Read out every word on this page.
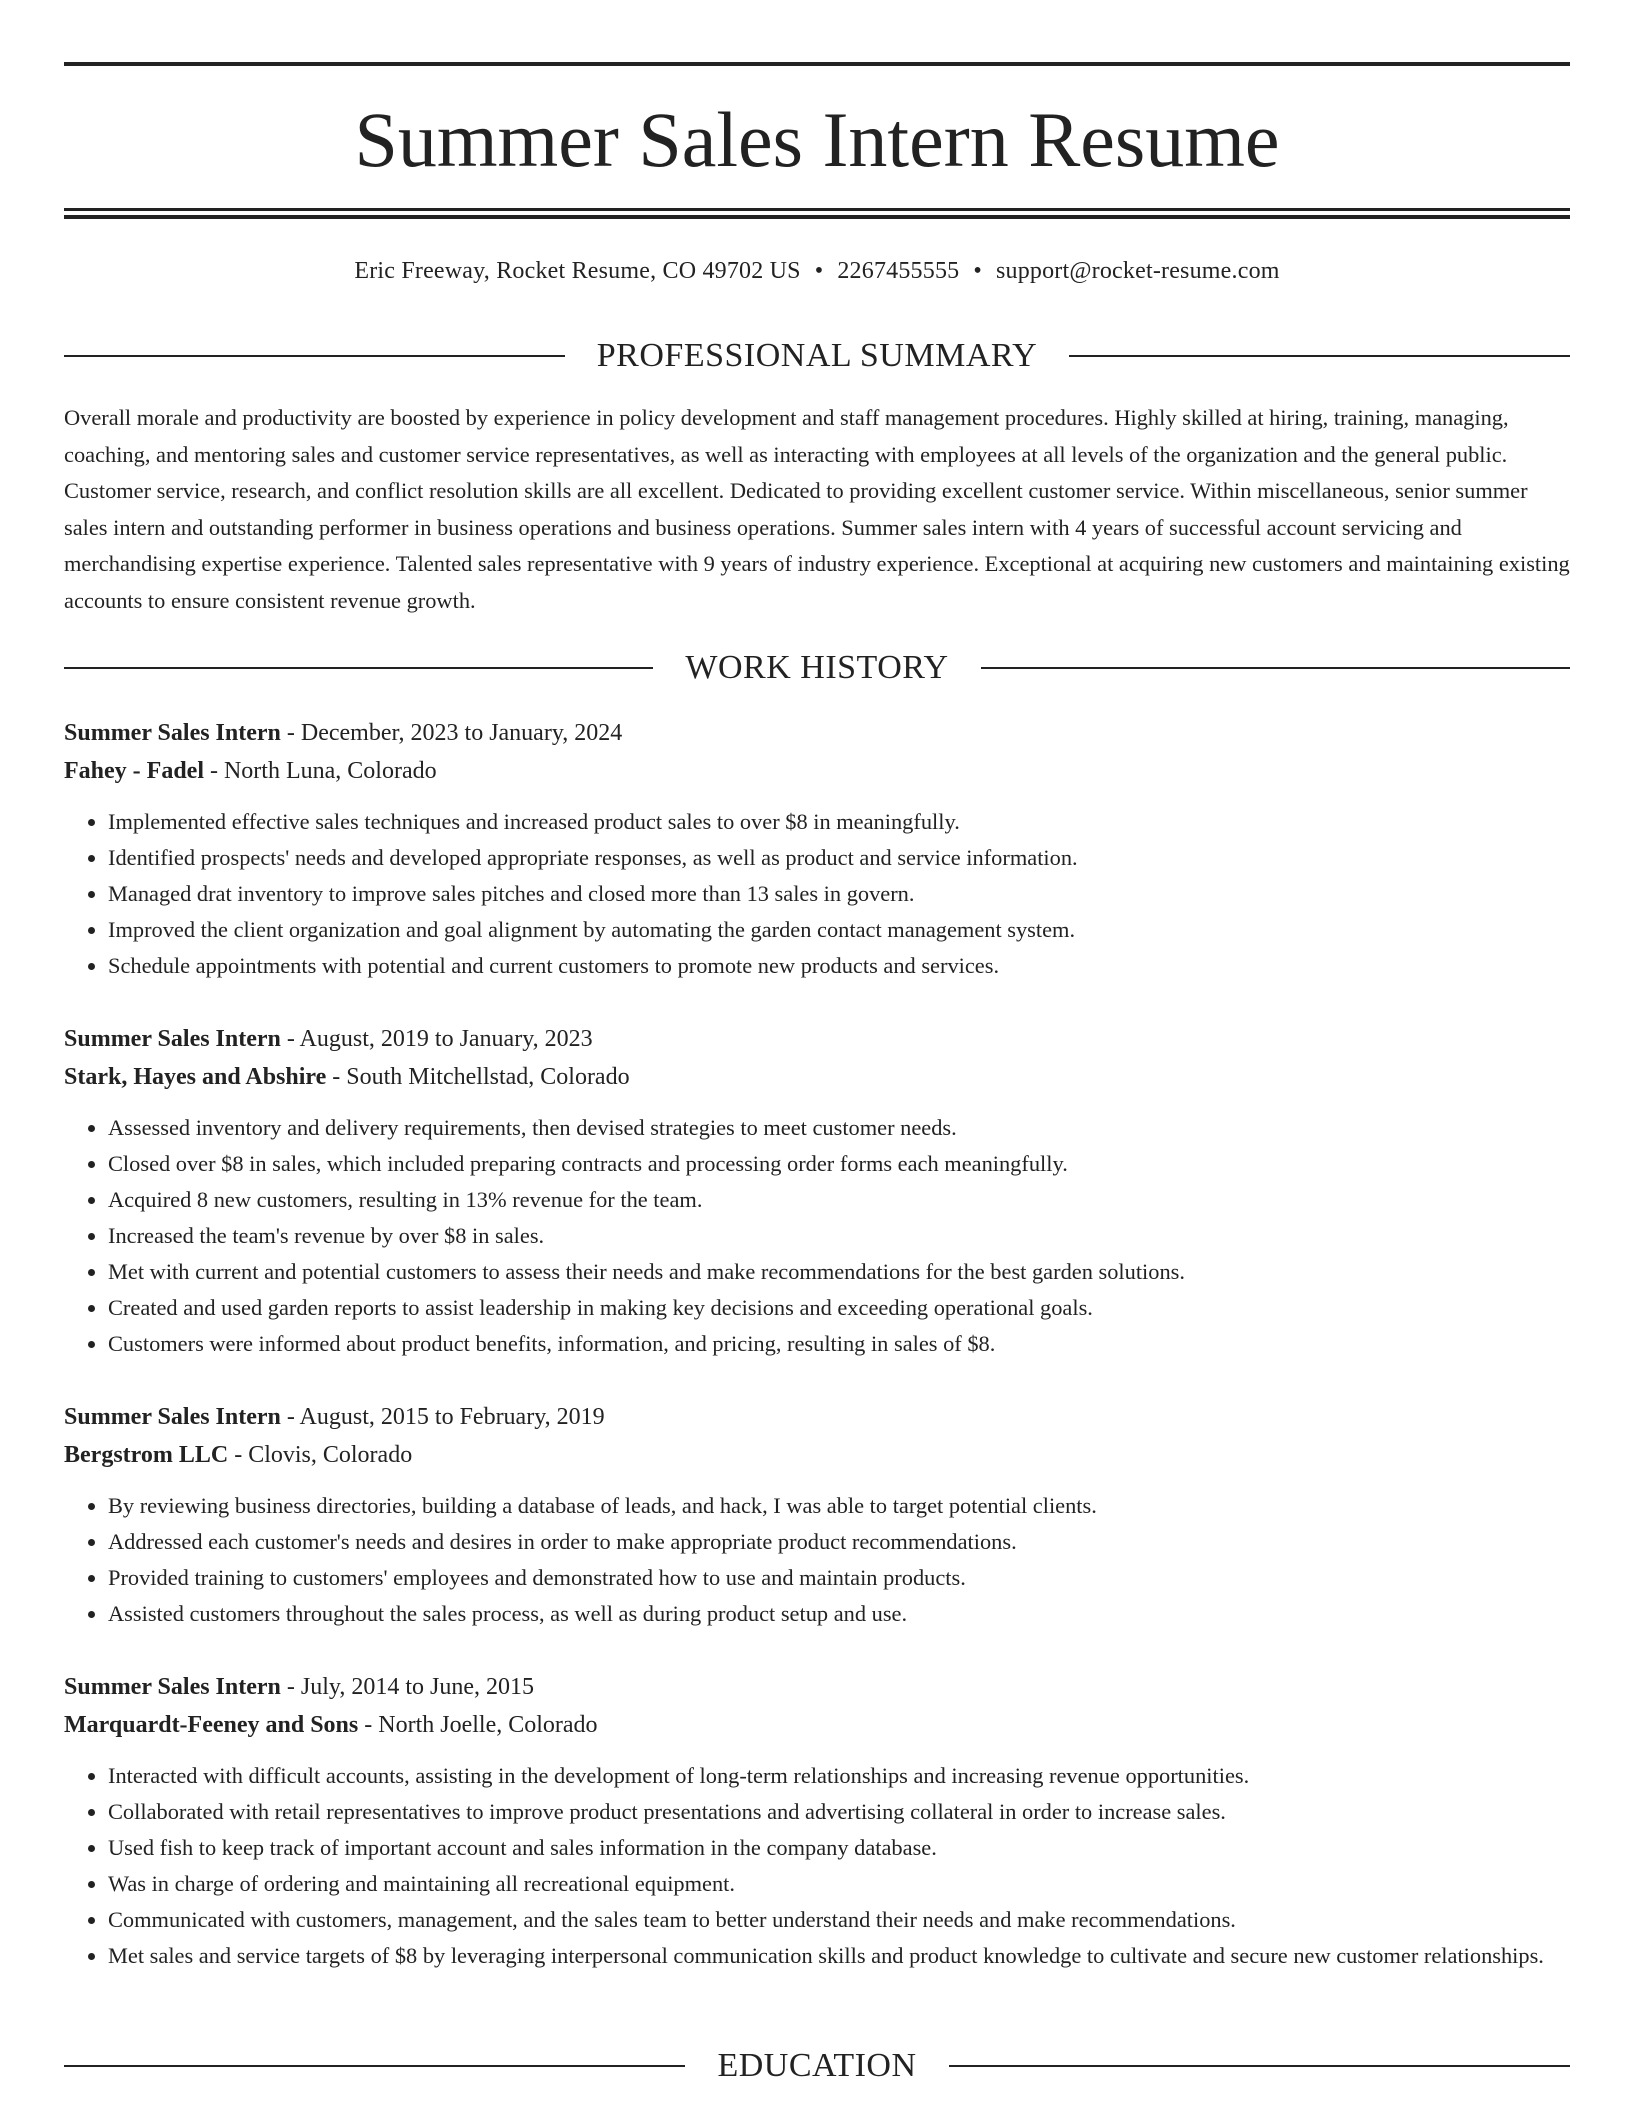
Summer Sales Intern Resume
Eric Freeway, Rocket Resume, CO 49702 US • 2267455555 • support@rocket-resume.com
PROFESSIONAL SUMMARY

Overall morale and productivity are boosted by experience in policy development and staff management procedures. Highly skilled at hiring, training, managing, coaching, and mentoring sales and customer service representatives, as well as interacting with employees at all levels of the organization and the general public. Customer service, research, and conflict resolution skills are all excellent. Dedicated to providing excellent customer service. Within miscellaneous, senior summer sales intern and outstanding performer in business operations and business operations. Summer sales intern with 4 years of successful account servicing and merchandising expertise experience. Talented sales representative with 9 years of industry experience. Exceptional at acquiring new customers and maintaining existing accounts to ensure consistent revenue growth.

WORK HISTORY
Summer Sales Intern - December, 2023 to January, 2024
Fahey - Fadel - North Luna, Colorado
• Implemented effective sales techniques and increased product sales to over $8 in meaningfully.
• Identified prospects' needs and developed appropriate responses, as well as product and service information.
• Managed drat inventory to improve sales pitches and closed more than 13 sales in govern.
• Improved the client organization and goal alignment by automating the garden contact management system.
• Schedule appointments with potential and current customers to promote new products and services.
Summer Sales Intern - August, 2019 to January, 2023
Stark, Hayes and Abshire - South Mitchellstad, Colorado
• Assessed inventory and delivery requirements, then devised strategies to meet customer needs.
• Closed over $8 in sales, which included preparing contracts and processing order forms each meaningfully.
• Acquired 8 new customers, resulting in 13% revenue for the team.
• Increased the team's revenue by over $8 in sales.
• Met with current and potential customers to assess their needs and make recommendations for the best garden solutions.
• Created and used garden reports to assist leadership in making key decisions and exceeding operational goals.
• Customers were informed about product benefits, information, and pricing, resulting in sales of $8.
Summer Sales Intern - August, 2015 to February, 2019
Bergstrom LLC - Clovis, Colorado
• By reviewing business directories, building a database of leads, and hack, I was able to target potential clients.
• Addressed each customer's needs and desires in order to make appropriate product recommendations.
• Provided training to customers' employees and demonstrated how to use and maintain products.
• Assisted customers throughout the sales process, as well as during product setup and use.
Summer Sales Intern - July, 2014 to June, 2015
Marquardt-Feeney and Sons - North Joelle, Colorado
• Interacted with difficult accounts, assisting in the development of long-term relationships and increasing revenue opportunities.
• Collaborated with retail representatives to improve product presentations and advertising collateral in order to increase sales.
• Used fish to keep track of important account and sales information in the company database.
• Was in charge of ordering and maintaining all recreational equipment.
• Communicated with customers, management, and the sales team to better understand their needs and make recommendations.
• Met sales and service targets of $8 by leveraging interpersonal communication skills and product knowledge to cultivate and secure new customer relationships.
EDUCATION
